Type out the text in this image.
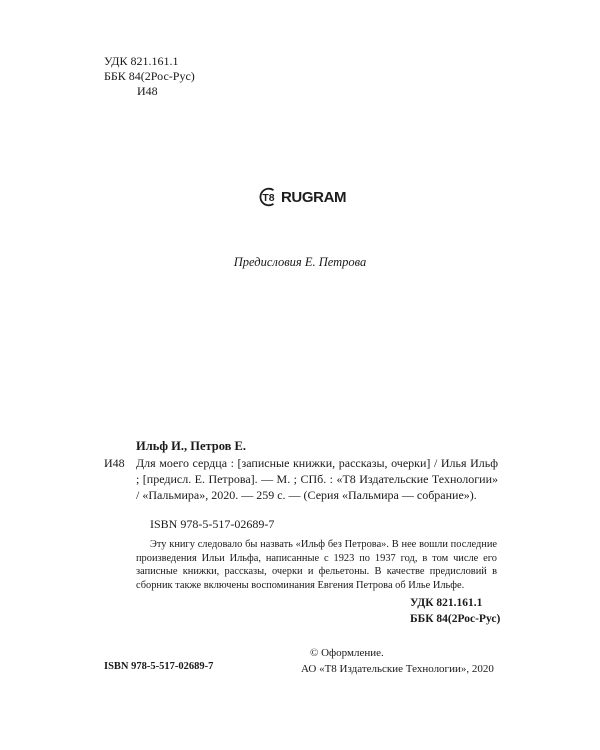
УДК 821.161.1
ББК 84(2Рос-Рус)
И48
T8 RUGRAM
Предисловия Е. Петрова
Ильф И., Петров Е.
И48 Для моего сердца : [записные книжки, рассказы, очерки] / Илья Ильф ; [предисл. Е. Петрова]. — М. ; СПб. : «Т8 Издательские Технологии» / «Пальмира», 2020. — 259 с. — (Серия «Пальмира — собрание»).
ISBN 978-5-517-02689-7

Эту книгу следовало бы назвать «Ильф без Петрова». В нее вошли последние произведения Ильи Ильфа, написанные с 1923 по 1937 год, в том числе его записные книжки, рассказы, очерки и фельетоны. В качестве предисловий в сборник также включены воспоминания Евгения Петрова об Илье Ильфе.

УДК 821.161.1
ББК 84(2Рос-Рус)
© Оформление.
АО «Т8 Издательские Технологии», 2020
ISBN 978-5-517-02689-7
